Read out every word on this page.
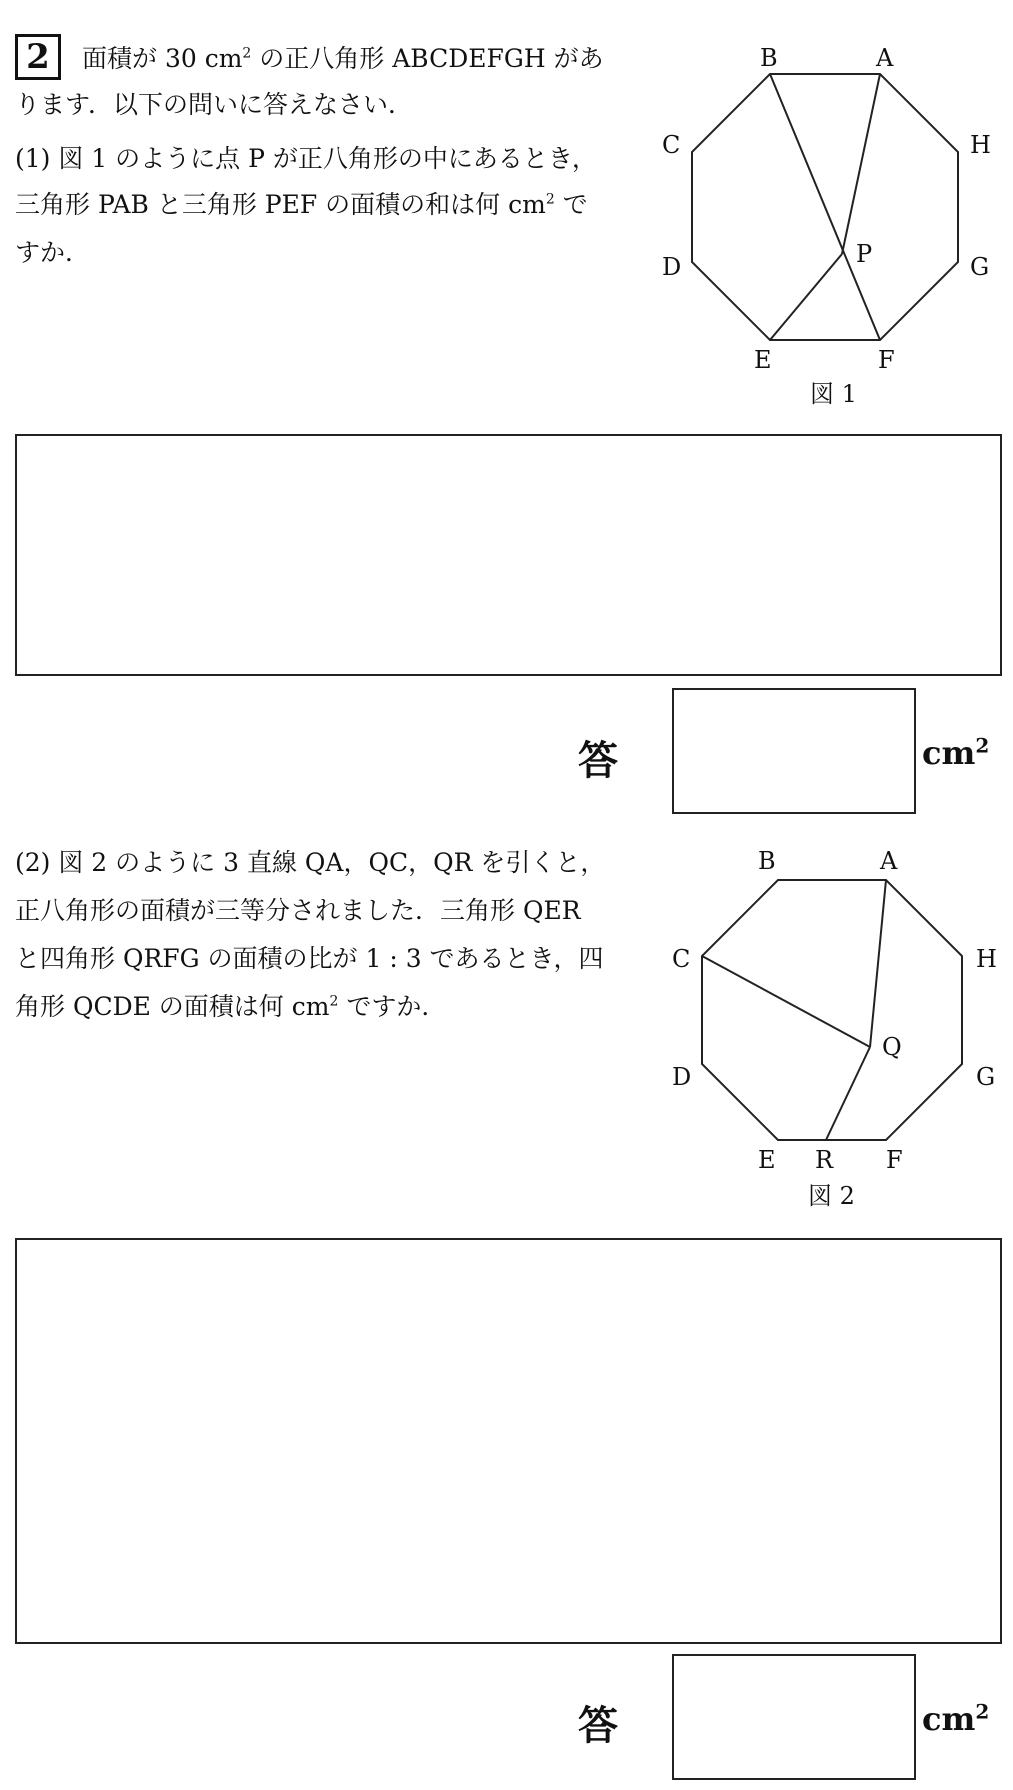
2	面積が 30 $cm^2$ の正八角形 ABCDEFGH があ
ります．以下の問いに答えなさい．
(1) 図 1 のように点 P が正八角形の中にあるとき，
三角形 PAB と三角形 PEF の面積の和は何 $cm^2$ で
すか．
B	A
C	H
D	G
P
E	F
図 1
答	$cm^2$
(2) 図 2 のように 3 直線 QA，QC，QR を引くと，
正八角形の面積が三等分されました．三角形 QER
と四角形 QRFG の面積の比が 1 : 3 であるとき，四
角形 QCDE の面積は何 $cm^2$ ですか．
B	A
C	H
Q
D	G
E R F
図 2
答	$cm^2$
